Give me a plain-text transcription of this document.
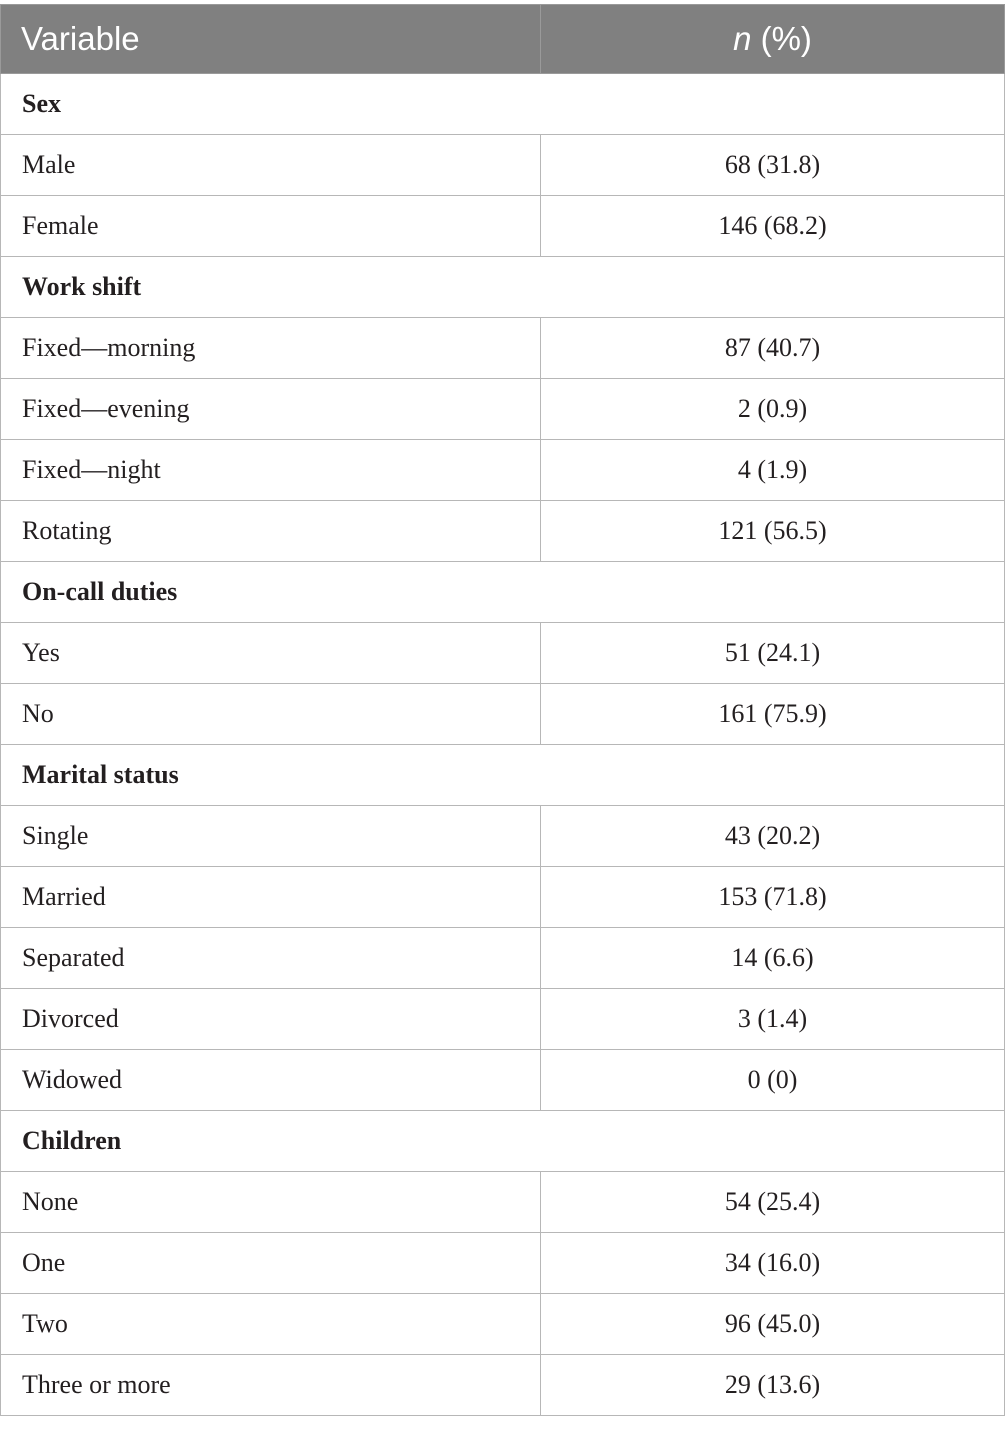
Variable	n (%)
Sex	
Male	68 (31.8)
Female	146 (68.2)
Work shift	
Fixed—morning	87 (40.7)
Fixed—evening	2 (0.9)
Fixed—night	4 (1.9)
Rotating	121 (56.5)
On-call duties	
Yes	51 (24.1)
No	161 (75.9)
Marital status	
Single	43 (20.2)
Married	153 (71.8)
Separated	14 (6.6)
Divorced	3 (1.4)
Widowed	0 (0)
Children	
None	54 (25.4)
One	34 (16.0)
Two	96 (45.0)
Three or more	29 (13.6)
